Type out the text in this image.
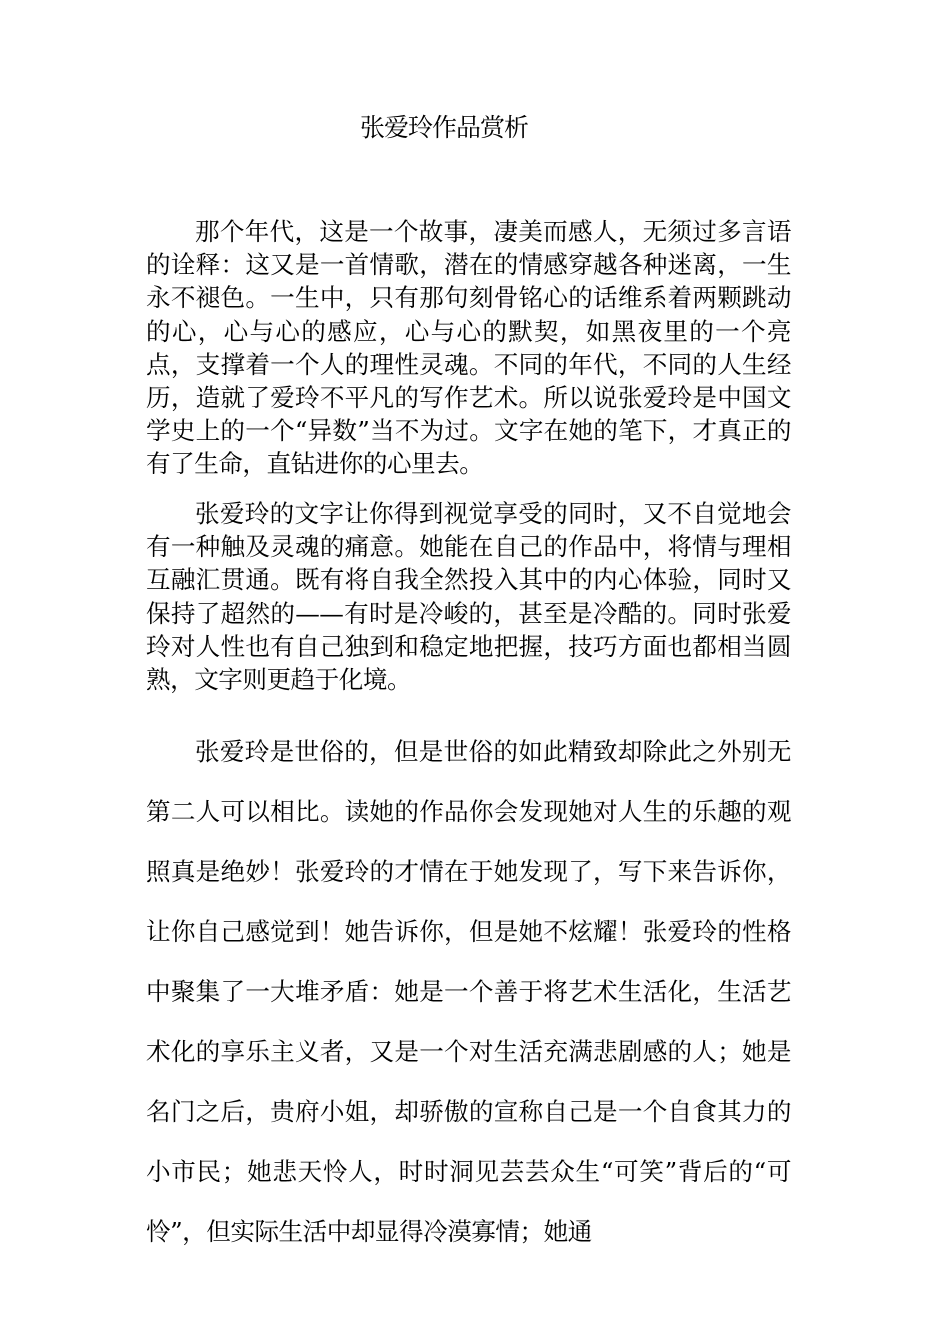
张爱玲作品赏析

那个年代，这是一个故事，凄美而感人，无须过多言语的诠释：这又是一首情歌，潜在的情感穿越各种迷离，一生永不褪色。一生中，只有那句刻骨铭心的话维系着两颗跳动的心，心与心的感应，心与心的默契，如黑夜里的一个亮点，支撑着一个人的理性灵魂。不同的年代，不同的人生经历，造就了爱玲不平凡的写作艺术。所以说张爱玲是中国文学史上的一个“异数”当不为过。文字在她的笔下，才真正的有了生命，直钻进你的心里去。

张爱玲的文字让你得到视觉享受的同时，又不自觉地会有一种触及灵魂的痛意。她能在自己的作品中，将情与理相互融汇贯通。既有将自我全然投入其中的内心体验，同时又保持了超然的——有时是冷峻的，甚至是冷酷的。同时张爱玲对人性也有自己独到和稳定地把握，技巧方面也都相当圆熟，文字则更趋于化境。

张爱玲是世俗的，但是世俗的如此精致却除此之外别无第二人可以相比。读她的作品你会发现她对人生的乐趣的观照真是绝妙！张爱玲的才情在于她发现了，写下来告诉你，让你自己感觉到！她告诉你，但是她不炫耀！张爱玲的性格中聚集了一大堆矛盾：她是一个善于将艺术生活化，生活艺术化的享乐主义者，又是一个对生活充满悲剧感的人；她是名门之后，贵府小姐，却骄傲的宣称自己是一个自食其力的小市民；她悲天怜人，时时洞见芸芸众生“可笑”背后的“可怜”，但实际生活中却显得冷漠寡情；她通
